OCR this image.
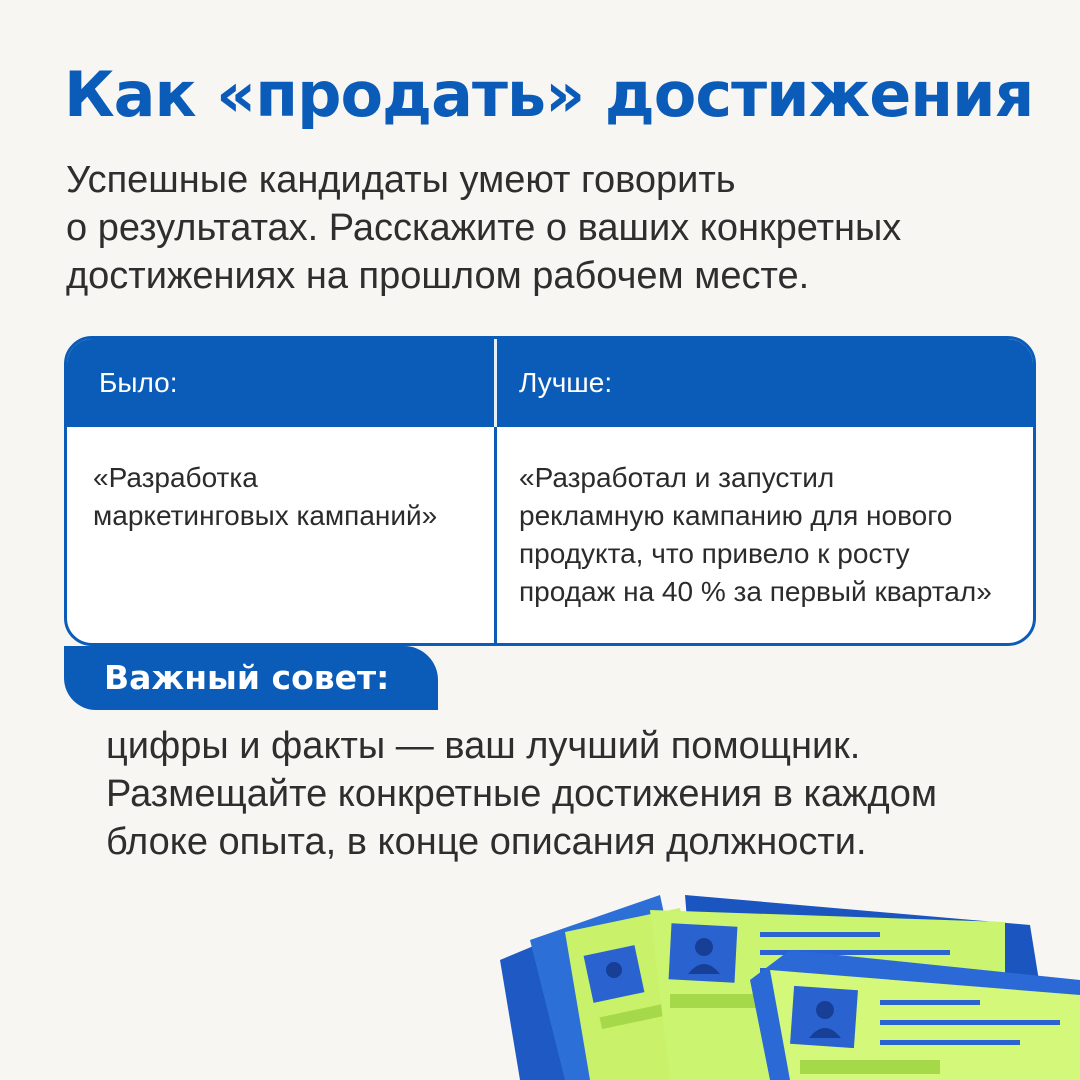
Как «продать» достижения

Успешные кандидаты умеют говорить
о результатах. Расскажите о ваших конкретных
достижениях на прошлом рабочем месте.

Было:	Лучше:
«Разработка
маркетинговых кампаний»
«Разработал и запустил
рекламную кампанию для нового
продукта, что привело к росту
продаж на 40 % за первый квартал»
Важный совет:

цифры и факты — ваш лучший помощник.
Размещайте конкретные достижения в каждом
блоке опыта, в конце описания должности.
